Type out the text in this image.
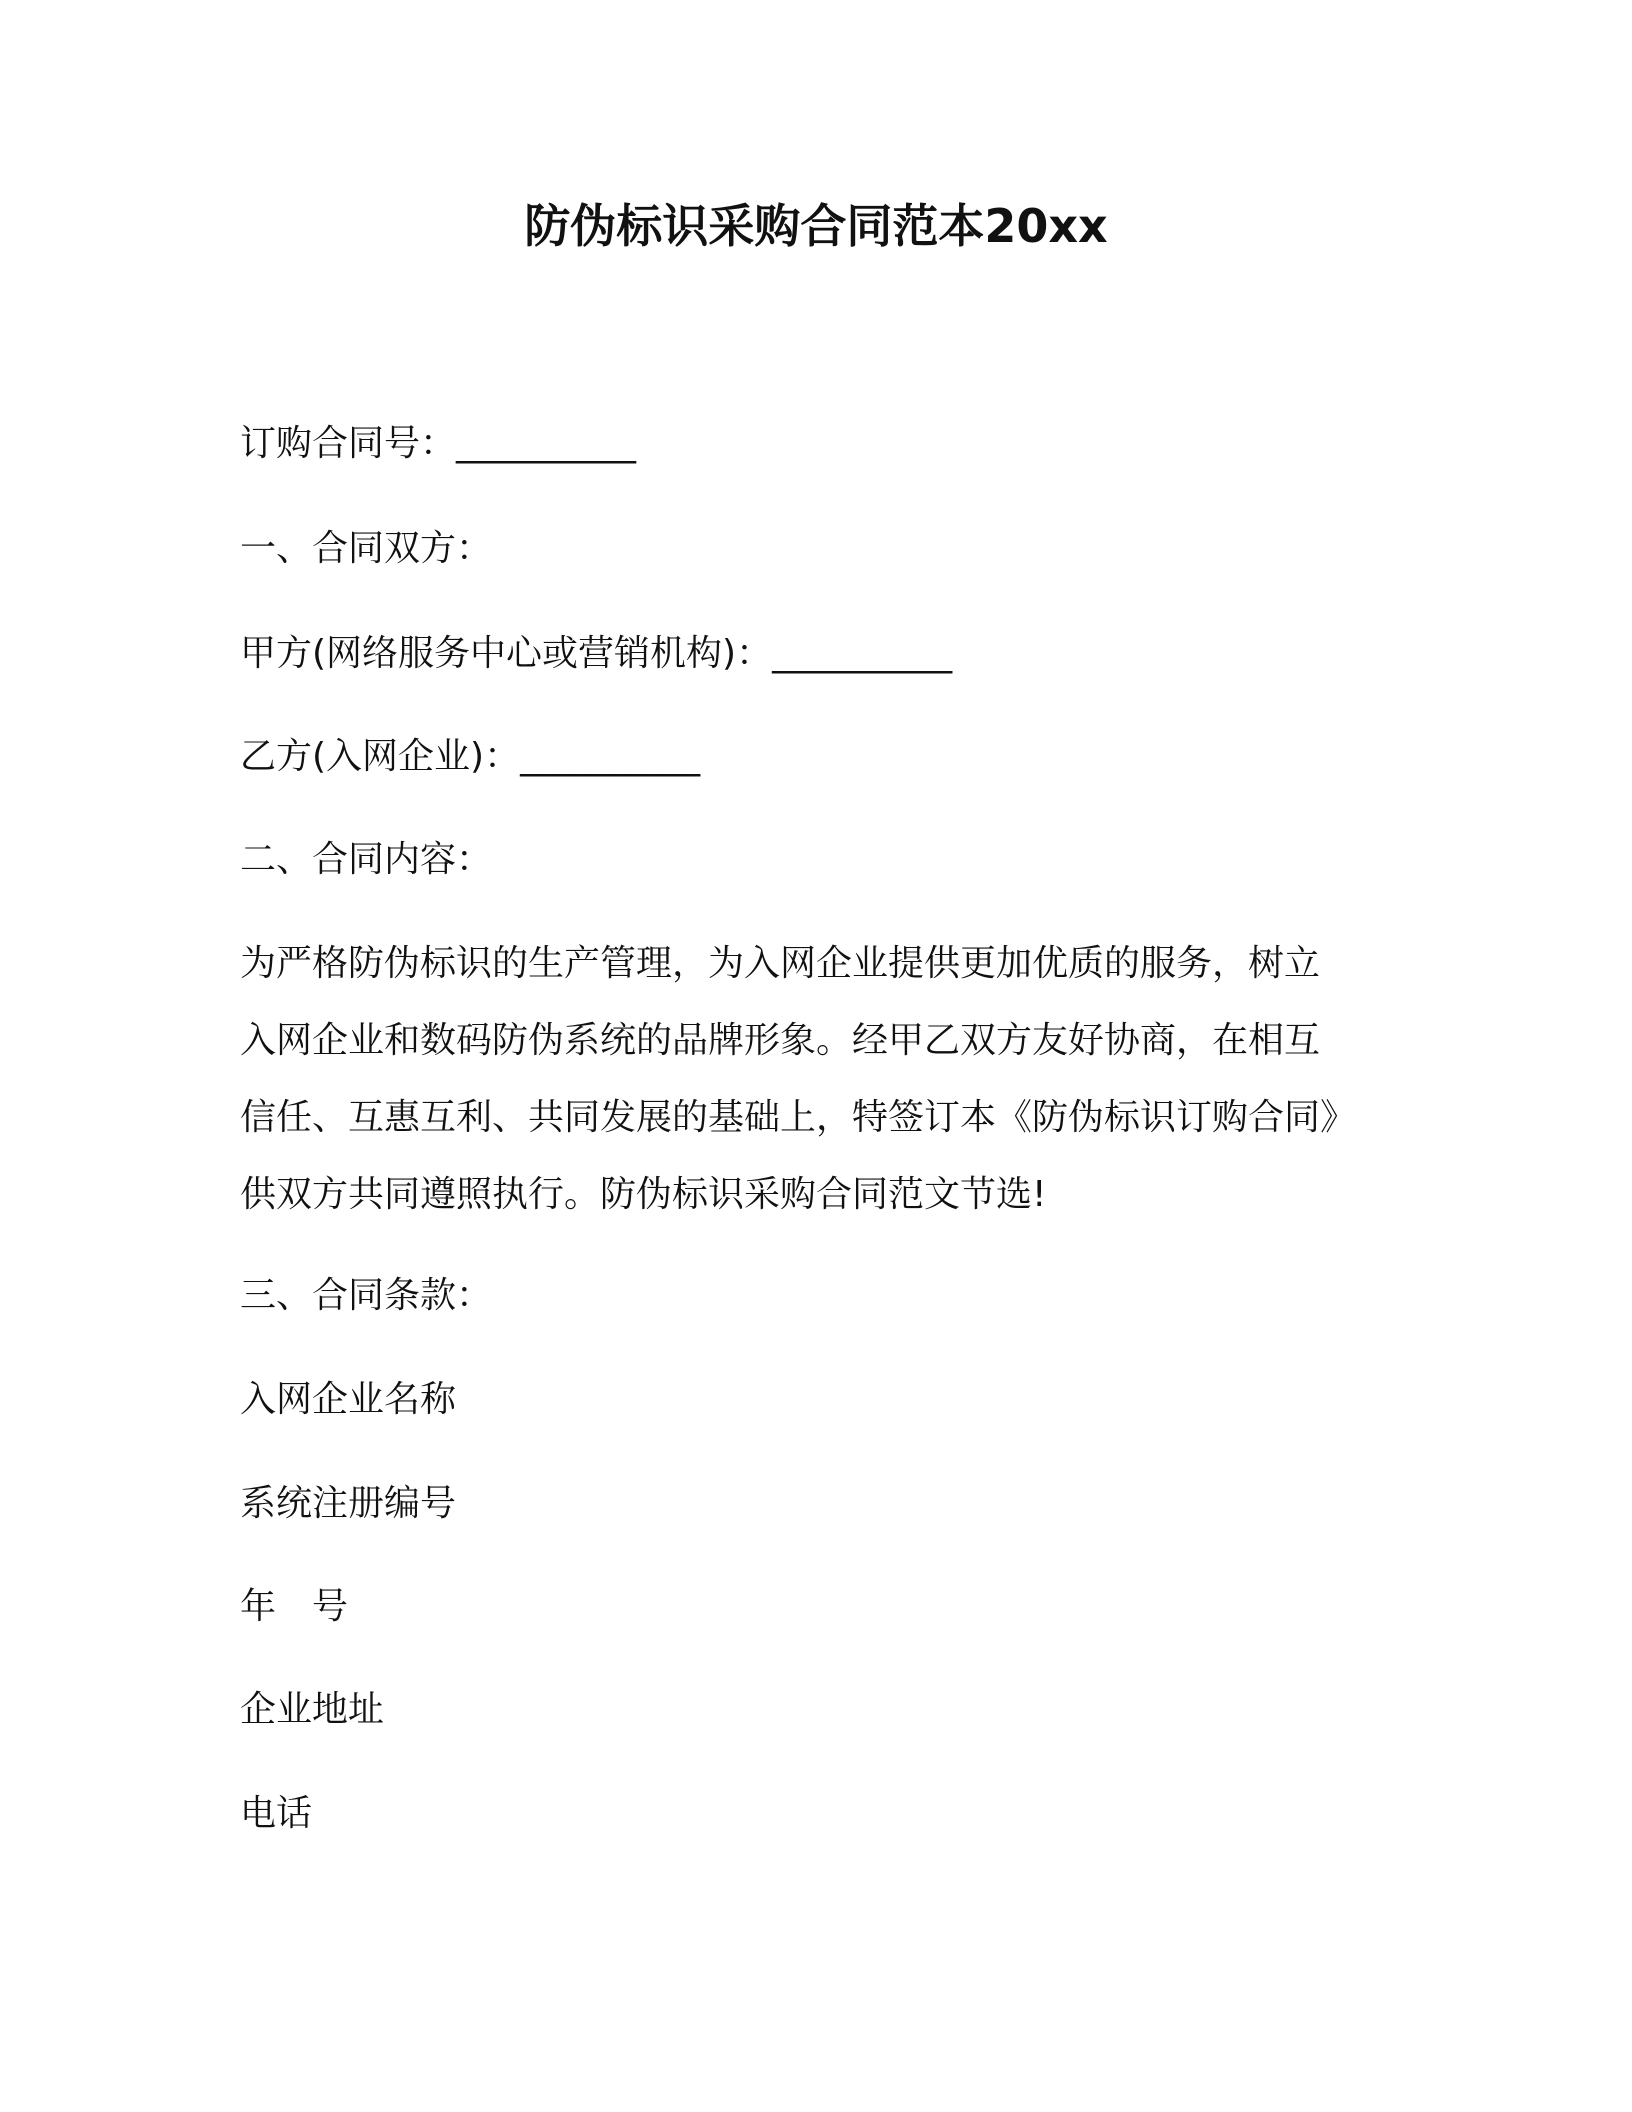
防伪标识采购合同范本20xx
订购合同号：__________
一、合同双方：
甲方(网络服务中心或营销机构)：__________
乙方(入网企业)：__________
二、合同内容：
为严格防伪标识的生产管理，为入网企业提供更加优质的服务，树立
入网企业和数码防伪系统的品牌形象。经甲乙双方友好协商，在相互
信任、互惠互利、共同发展的基础上，特签订本《防伪标识订购合同》
供双方共同遵照执行。防伪标识采购合同范文节选!
三、合同条款：
入网企业名称
系统注册编号
年　号
企业地址
电话
